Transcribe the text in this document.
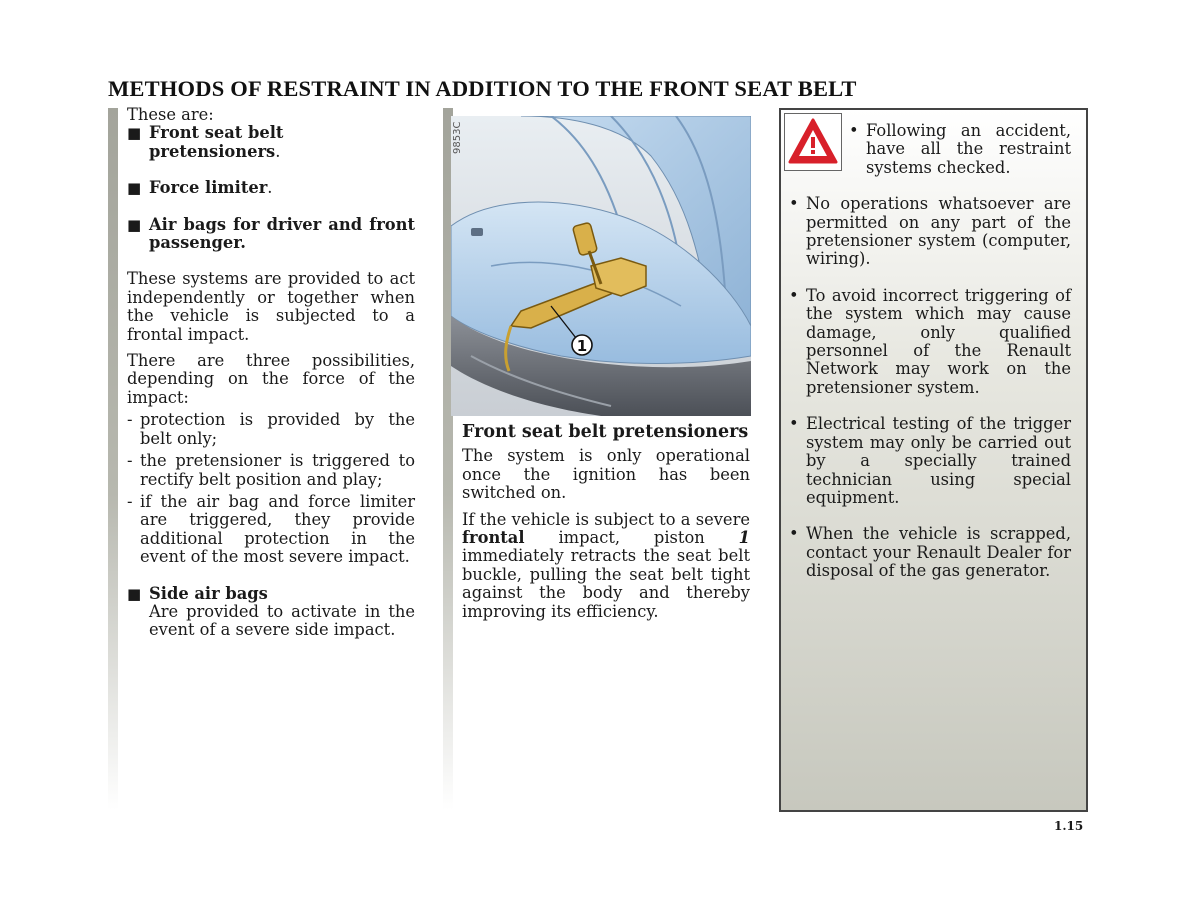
METHODS OF RESTRAINT IN ADDITION TO THE FRONT SEAT BELT

These are:

■ Front seat belt pretensioners.
■ Force limiter.
■ Air bags for driver and front passenger.

These systems are provided to act independently or together when the vehicle is subjected to a frontal impact.

There are three possibilities, depending on the force of the impact:

- protection is provided by the belt only;
- the pretensioner is triggered to rectify belt position and play;
- if the air bag and force limiter are triggered, they provide additional protection in the event of the most severe impact.
■ Side air bags

Are provided to activate in the event of a severe side impact.

1
9853C

Front seat belt pretensioners

The system is only operational once the ignition has been switched on.

If the vehicle is subject to a severe frontal impact, piston 1 immediately retracts the seat belt buckle, pulling the seat belt tight against the body and thereby improving its efficiency.

• Following an accident, have all the restraint systems checked.
• No operations whatsoever are permitted on any part of the pretensioner system (computer, wiring).
• To avoid incorrect triggering of the system which may cause damage, only qualified personnel of the Renault Network may work on the pretensioner system.
• Electrical testing of the trigger system may only be carried out by a specially trained technician using special equipment.
• When the vehicle is scrapped, contact your Renault Dealer for disposal of the gas generator.
1.15
